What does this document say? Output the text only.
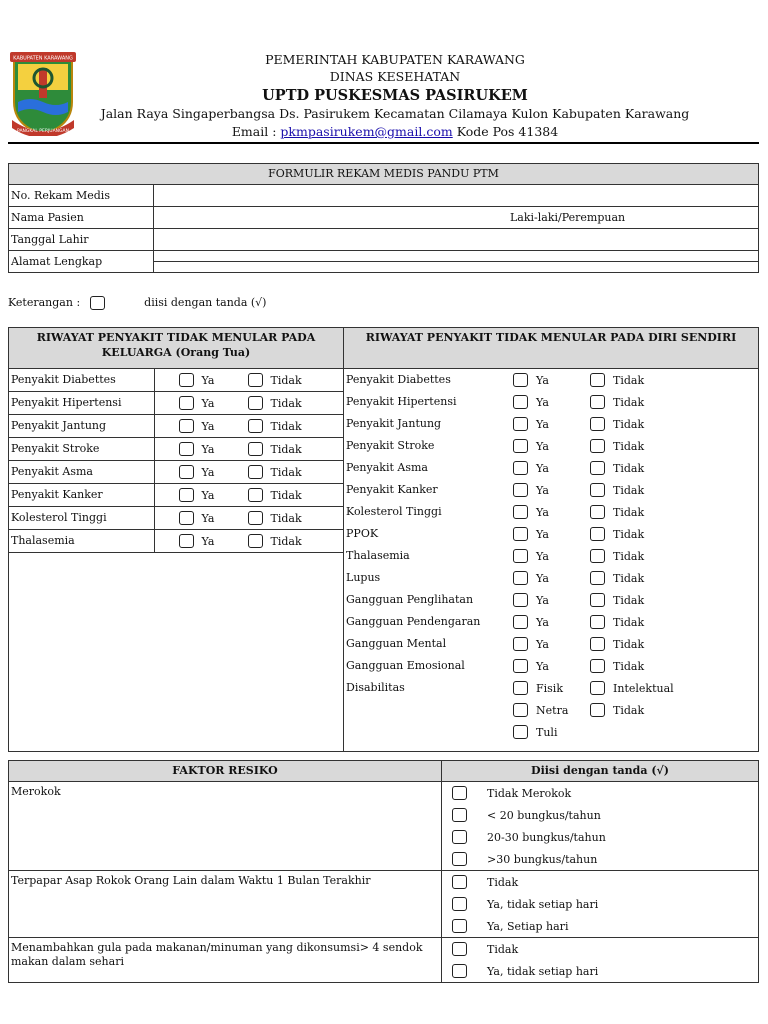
KABUPATEN KARAWANG
PANGKAL PERJUANGAN
PEMERINTAH KABUPATEN KARAWANG
DINAS KESEHATAN
UPTD PUSKESMAS PASIRUKEM
Jalan Raya Singaperbangsa Ds. Pasirukem Kecamatan Cilamaya Kulon Kabupaten Karawang
Email : pkmpasirukem@gmail.com Kode Pos 41384
FORMULIR REKAM MEDIS PANDU PTM	
No. Rekam Medis	
Nama Pasien	Laki-laki/Perempuan
Tanggal Lahir	
Alamat Lengkap	

Keterangan :	diisi dengan tanda (√)
RIWAYAT PENYAKIT TIDAK MENULAR PADA KELUARGA (Orang Tua)	RIWAYAT PENYAKIT TIDAK MENULAR PADA DIRI SENDIRI

Penyakit Diabettes	Ya	Tidak

Penyakit Hipertensi	Ya	Tidak

Penyakit Jantung	Ya	Tidak

Penyakit Stroke	Ya	Tidak

Penyakit Asma	Ya	Tidak

Penyakit Kanker	Ya	Tidak

Kolesterol Tinggi	Ya	Tidak

Thalasemia	Ya	Tidak

Penyakit Diabettes	Ya	Tidak

Penyakit Hipertensi	Ya	Tidak

Penyakit Jantung	Ya	Tidak

Penyakit Stroke	Ya	Tidak

Penyakit Asma	Ya	Tidak

Penyakit Kanker	Ya	Tidak

Kolesterol Tinggi	Ya	Tidak

PPOK	Ya	Tidak

Thalasemia	Ya	Tidak

Lupus	Ya	Tidak

Gangguan Penglihatan	Ya	Tidak

Gangguan Pendengaran	Ya	Tidak

Gangguan Mental	Ya	Tidak

Gangguan Emosional	Ya	Tidak

Disabilitas	Fisik	Intelektual
Netra	Tidak
Tuli
FAKTOR RESIKO	Diisi dengan tanda (√)
Merokok	Tidak Merokok
< 20 bungkus/tahun
20-30 bungkus/tahun
>30 bungkus/tahun

Terpapar Asap Rokok Orang Lain dalam Waktu 1 Bulan Terakhir	Tidak
Ya, tidak setiap hari
Ya, Setiap hari

Menambahkan gula pada makanan/minuman yang dikonsumsi> 4 sendok makan dalam sehari	Tidak
Ya, tidak setiap hari
